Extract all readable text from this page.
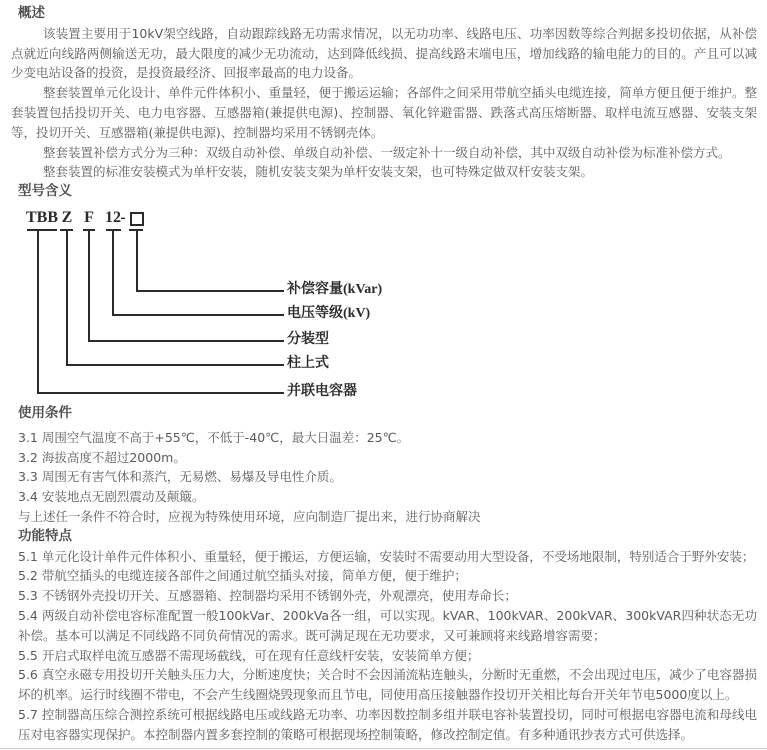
概述

该装置主要用于10kV架空线路，自动跟踪线路无功需求情况，以无功功率、线路电压、功率因数等综合判据多投切依据，从补偿点就近向线路两侧输送无功，最大限度的减少无功流动，达到降低线损、提高线路末端电压，增加线路的输电能力的目的。产且可以减少变电站设备的投资，是投资最经济、回报率最高的电力设备。

整套装置单元化设计、单件元件体积小、重量轻，便于搬运运输；各部件之间采用带航空插头电缆连接，简单方便且便于维护。整套装置包括投切开关、电力电容器、互感器箱(兼提供电源)、控制器、氧化锌避雷器、跌落式高压熔断器、取样电流互感器、安装支架等，投切开关、互感器箱(兼提供电源)、控制器均采用不锈钢壳体。

整套装置补偿方式分为三种：双级自动补偿、单级自动补偿、一级定补十一级自动补偿，其中双级自动补偿为标准补偿方式。

整套装置的标准安装模式为单杆安装，随机安装支架为单杆安装支架，也可特殊定做双杆安装支架。

型号含义
TBB Z F 12 -
补偿容量(kVar)
电压等级(kV)
分装型
柱上式
并联电容器
使用条件

3.1 周围空气温度不高于+55℃，不低于-40℃，最大日温差：25℃。

3.2 海拔高度不超过2000m。

3.3 周围无有害气体和蒸汽，无易燃、易爆及导电性介质。

3.4 安装地点无剧烈震动及颠簸。

与上述任一条件不符合时，应视为特殊使用环境，应向制造厂提出来，进行协商解决

功能特点

5.1 单元化设计单件元件体积小、重量轻，便于搬运，方便运输，安装时不需要动用大型设备，不受场地限制，特别适合于野外安装；

5.2 带航空插头的电缆连接各部件之间通过航空插头对接，简单方便，便于维护；

5.3 不锈钢外壳投切开关、互感器箱、控制器均采用不锈钢外壳，外观漂亮，使用寿命长；

5.4 两级自动补偿电容标准配置一般100kVar、200kVa各一组，可以实现。kVAR、100kVAR、200kVAR、300kVAR四种状态无功补偿。基本可以满足不同线路不同负荷情况的需求。既可满足现在无功要求，又可兼顾将来线路增容需要；

5.5 开启式取样电流互感器不需现场截线，可在现有任意线杆安装，安装简单方便；

5.6 真空永磁专用投切开关触头压力大，分断速度快；关合时不会因涌流粘连触头，分断时无重燃，不会出现过电压，减少了电容器损坏的机率。运行时线圈不带电，不会产生线圈烧毁现象而且节电，同使用高压接触器作投切开关相比每台开关年节电5000度以上。

5.7 控制器高压综合测控系统可根据线路电压或线路无功率、功率因数控制多组并联电容补装置投切，同时可根据电容器电流和母线电压对电容器实现保护。本控制器内置多套控制的策略可根据现场控制策略，修改控制定值。有多种通讯抄表方式可供选择。
